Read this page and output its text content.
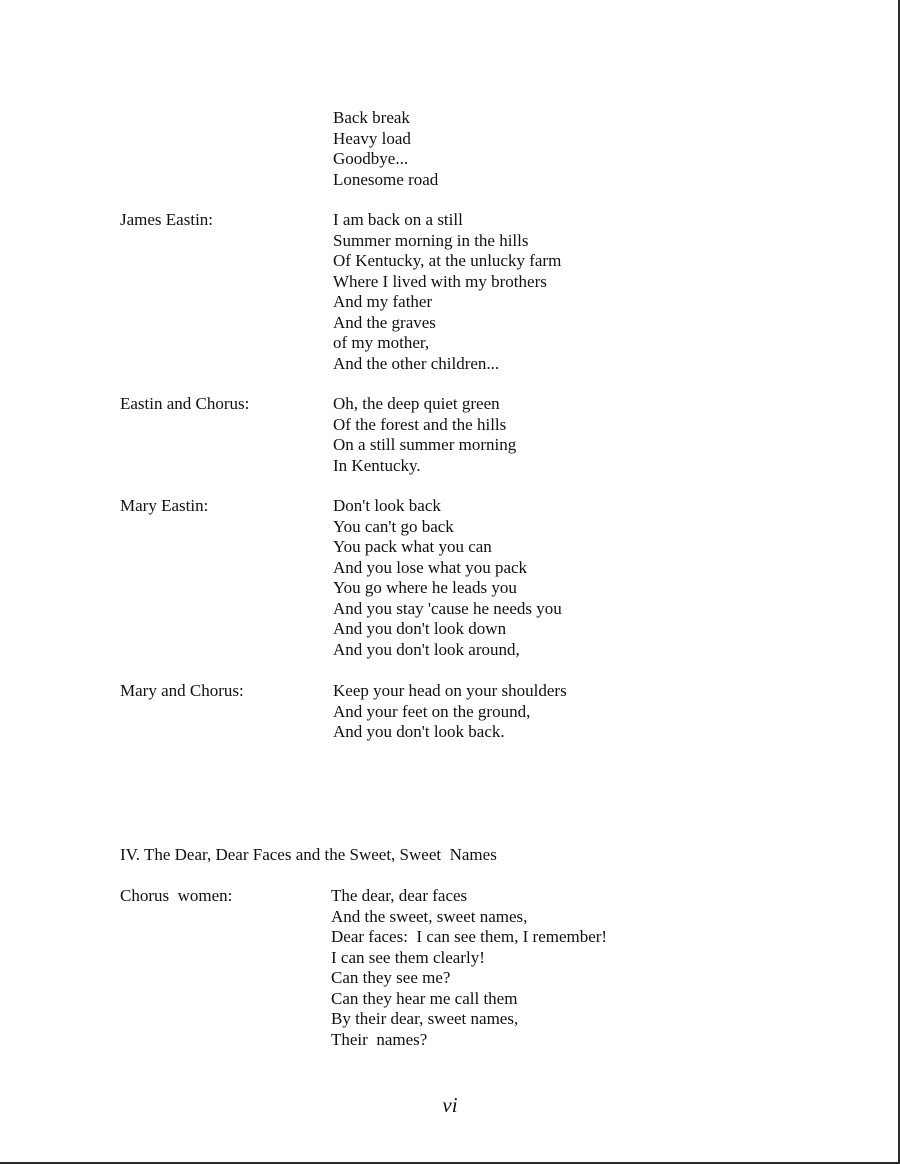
Back break
Heavy load
Goodbye...
Lonesome road
James Eastin:	I am back on a still
Summer morning in the hills
Of Kentucky, at the unlucky farm
Where I lived with my brothers
And my father
And the graves
of my mother,
And the other children...
Eastin and Chorus:	Oh, the deep quiet green
Of the forest and the hills
On a still summer morning
In Kentucky.
Mary Eastin:	Don't look back
You can't go back
You pack what you can
And you lose what you pack
You go where he leads you
And you stay 'cause he needs you
And you don't look down
And you don't look around,
Mary and Chorus:	Keep your head on your shoulders
And your feet on the ground,
And you don't look back.
IV. The Dear, Dear Faces and the Sweet, Sweet  Names
Chorus  women:	The dear, dear faces
And the sweet, sweet names,
Dear faces:  I can see them, I remember!
I can see them clearly!
Can they see me?
Can they hear me call them
By their dear, sweet names,
Their  names?
vi
